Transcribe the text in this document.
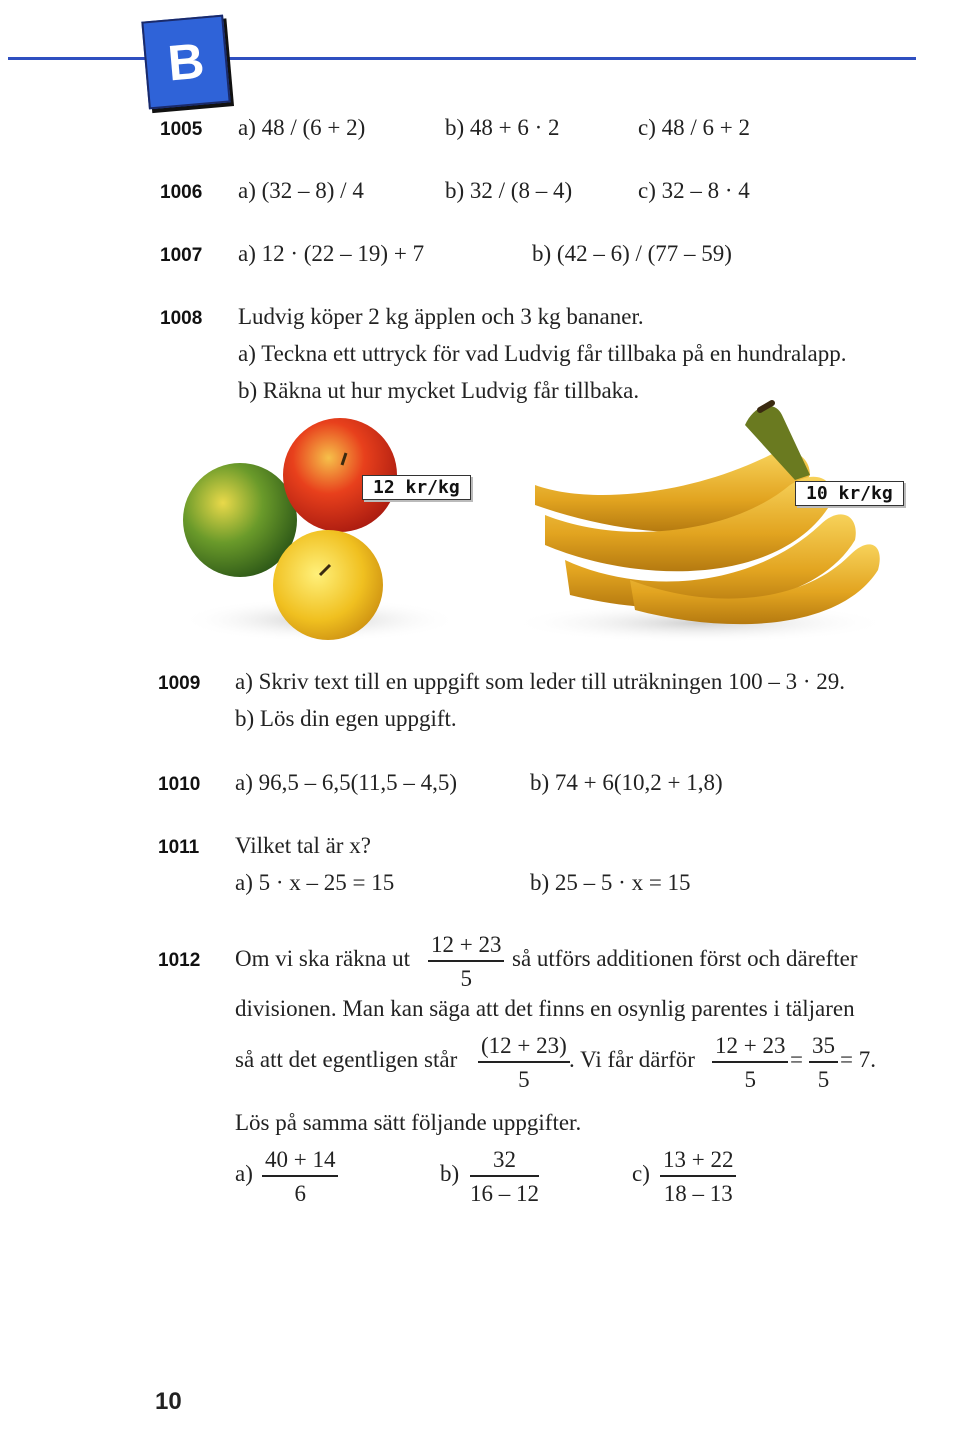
B
1005 a) 48 / (6 + 2)	b) 48 + 6 · 2	c) 48 / 6 + 2
1006 a) (32 – 8) / 4	b) 32 / (8 – 4)	c) 32 – 8 · 4
1007 a) 12 · (22 – 19) + 7	b) (42 – 6) / (77 – 59)
1008 Ludvig köper 2 kg äpplen och 3 kg bananer.
a) Teckna ett uttryck för vad Ludvig får tillbaka på en hundralapp.
b) Räkna ut hur mycket Ludvig får tillbaka.
12 kr/kg	10 kr/kg
1009 a) Skriv text till en uppgift som leder till uträkningen 100 – 3 · 29.
b) Lös din egen uppgift.
1010 a) 96,5 – 6,5(11,5 – 4,5)	b) 74 + 6(10,2 + 1,8)
1011 Vilket tal är x?
a) 5 · x – 25 = 15	b) 25 – 5 · x = 15
1012 Om vi ska räkna ut
12 + 23
5
så utförs additionen först och därefter
divisionen. Man kan säga att det finns en osynlig parentes i täljaren
så att det egentligen står
(12 + 23)
5
. Vi får därför
12 + 23
5
=
35
5
= 7.
Lös på samma sätt följande uppgifter.
a)
40 + 14
6
b)
32
16 – 12
c)
13 + 22
18 – 13
10
